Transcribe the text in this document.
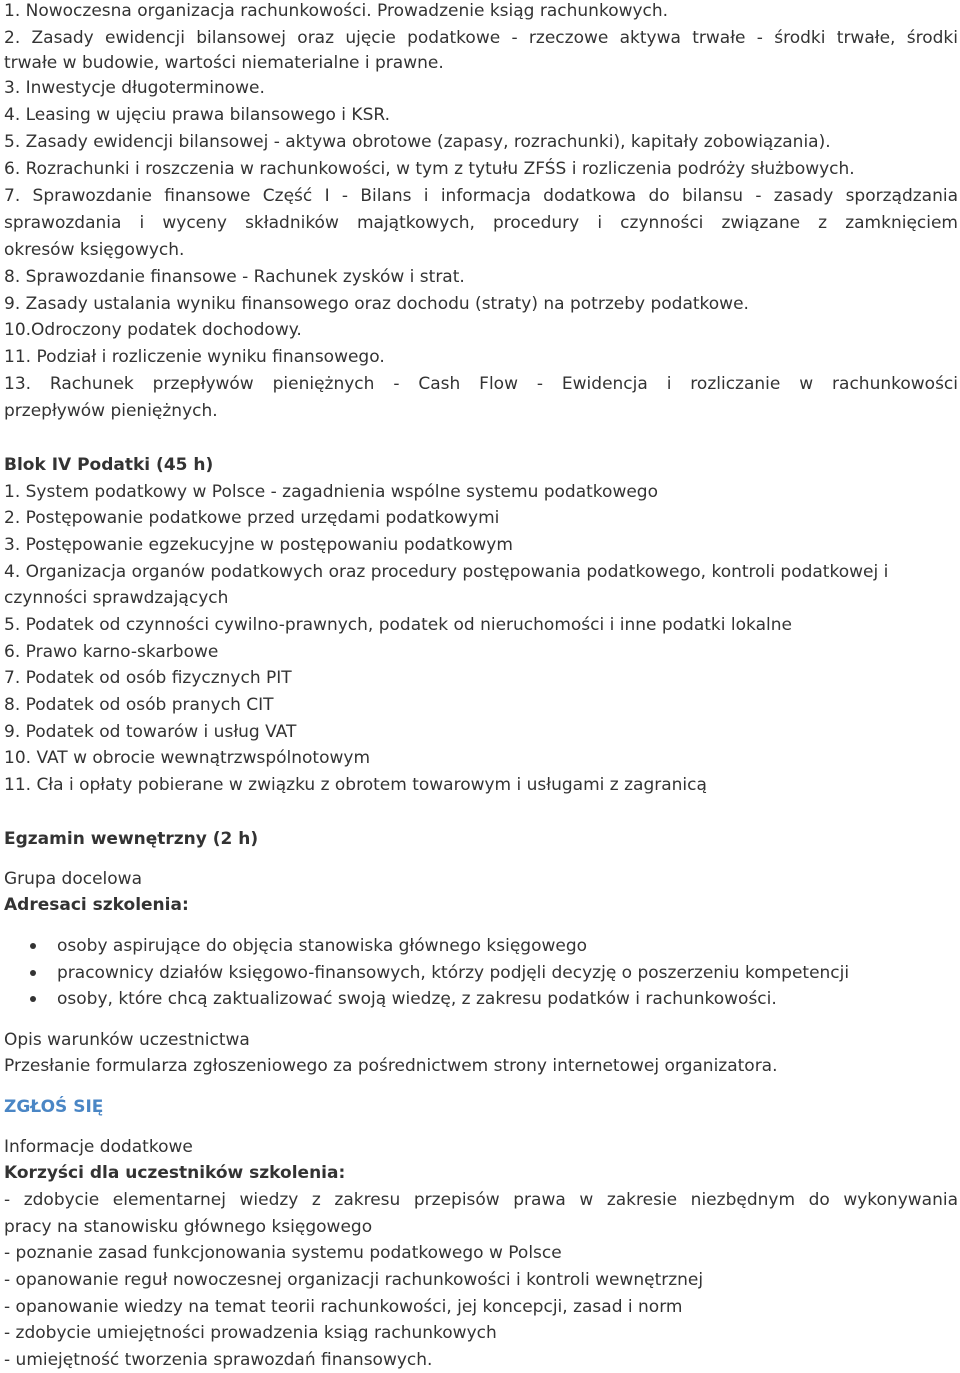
1. Nowoczesna organizacja rachunkowości. Prowadzenie ksiąg rachunkowych.
2. Zasady ewidencji bilansowej oraz ujęcie podatkowe - rzeczowe aktywa trwałe - środki trwałe, środki
trwałe w budowie, wartości niematerialne i prawne.
3. Inwestycje długoterminowe.
4. Leasing w ujęciu prawa bilansowego i KSR.
5. Zasady ewidencji bilansowej - aktywa obrotowe (zapasy, rozrachunki), kapitały zobowiązania).
6. Rozrachunki i roszczenia w rachunkowości, w tym z tytułu ZFŚS i rozliczenia podróży służbowych.
7. Sprawozdanie finansowe Część I - Bilans i informacja dodatkowa do bilansu - zasady sporządzania
sprawozdania i wyceny składników majątkowych, procedury i czynności związane z zamknięciem
okresów księgowych.
8. Sprawozdanie finansowe - Rachunek zysków i strat.
9. Zasady ustalania wyniku finansowego oraz dochodu (straty) na potrzeby podatkowe.
10.Odroczony podatek dochodowy.
11. Podział i rozliczenie wyniku finansowego.
13. Rachunek przepływów pieniężnych - Cash Flow - Ewidencja i rozliczanie w rachunkowości
przepływów pieniężnych.
Blok IV Podatki (45 h)
1. System podatkowy w Polsce - zagadnienia wspólne systemu podatkowego
2. Postępowanie podatkowe przed urzędami podatkowymi
3. Postępowanie egzekucyjne w postępowaniu podatkowym
4. Organizacja organów podatkowych oraz procedury postępowania podatkowego, kontroli podatkowej i
czynności sprawdzających
5. Podatek od czynności cywilno-prawnych, podatek od nieruchomości i inne podatki lokalne
6. Prawo karno-skarbowe
7. Podatek od osób fizycznych PIT
8. Podatek od osób pranych CIT
9. Podatek od towarów i usług VAT
10. VAT w obrocie wewnątrzwspólnotowym
11. Cła i opłaty pobierane w związku z obrotem towarowym i usługami z zagranicą
Egzamin wewnętrzny (2 h)
Grupa docelowa
Adresaci szkolenia:
osoby aspirujące do objęcia stanowiska głównego księgowego
pracownicy działów księgowo-finansowych, którzy podjęli decyzję o poszerzeniu kompetencji
osoby, które chcą zaktualizować swoją wiedzę, z zakresu podatków i rachunkowości.
Opis warunków uczestnictwa
Przesłanie formularza zgłoszeniowego za pośrednictwem strony internetowej organizatora.
ZGŁOŚ SIĘ
Informacje dodatkowe
Korzyści dla uczestników szkolenia:
- zdobycie elementarnej wiedzy z zakresu przepisów prawa w zakresie niezbędnym do wykonywania
pracy na stanowisku głównego księgowego
- poznanie zasad funkcjonowania systemu podatkowego w Polsce
- opanowanie reguł nowoczesnej organizacji rachunkowości i kontroli wewnętrznej
- opanowanie wiedzy na temat teorii rachunkowości, jej koncepcji, zasad i norm
- zdobycie umiejętności prowadzenia ksiąg rachunkowych
- umiejętność tworzenia sprawozdań finansowych.
